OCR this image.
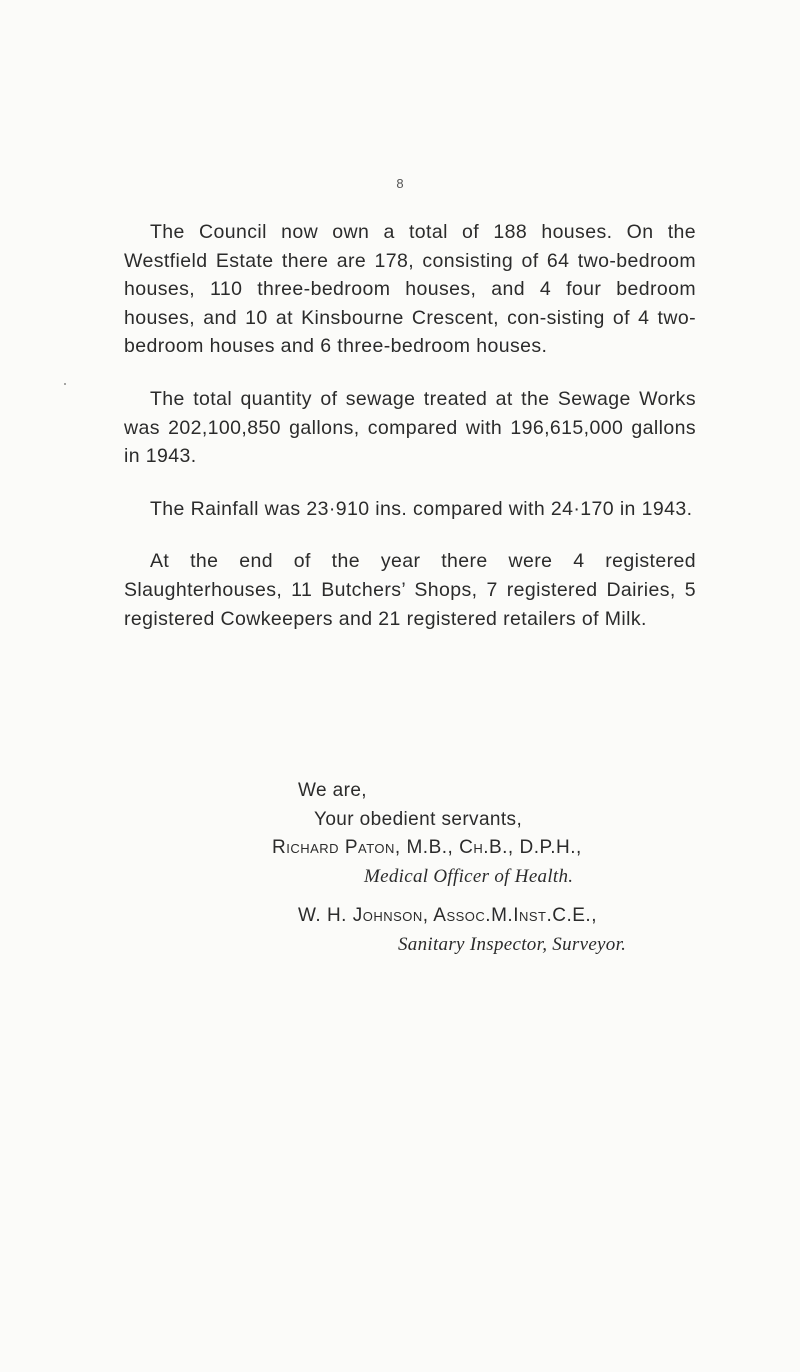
8

The Council now own a total of 188 houses. On the Westfield Estate there are 178, consisting of 64 two-bedroom houses, 110 three-bedroom houses, and 4 four bedroom houses, and 10 at Kinsbourne Crescent, con-sisting of 4 two-bedroom houses and 6 three-bedroom houses.

The total quantity of sewage treated at the Sewage Works was 202,100,850 gallons, compared with 196,615,000 gallons in 1943.

The Rainfall was 23·910 ins. compared with 24·170 in 1943.

At the end of the year there were 4 registered Slaughterhouses, 11 Butchers’ Shops, 7 registered Dairies, 5 registered Cowkeepers and 21 registered retailers of Milk.

We are,
Your obedient servants,
Richard Paton, M.B., Ch.B., D.P.H.,
Medical Officer of Health.
W. H. Johnson, Assoc.M.Inst.C.E.,
Sanitary Inspector, Surveyor.
